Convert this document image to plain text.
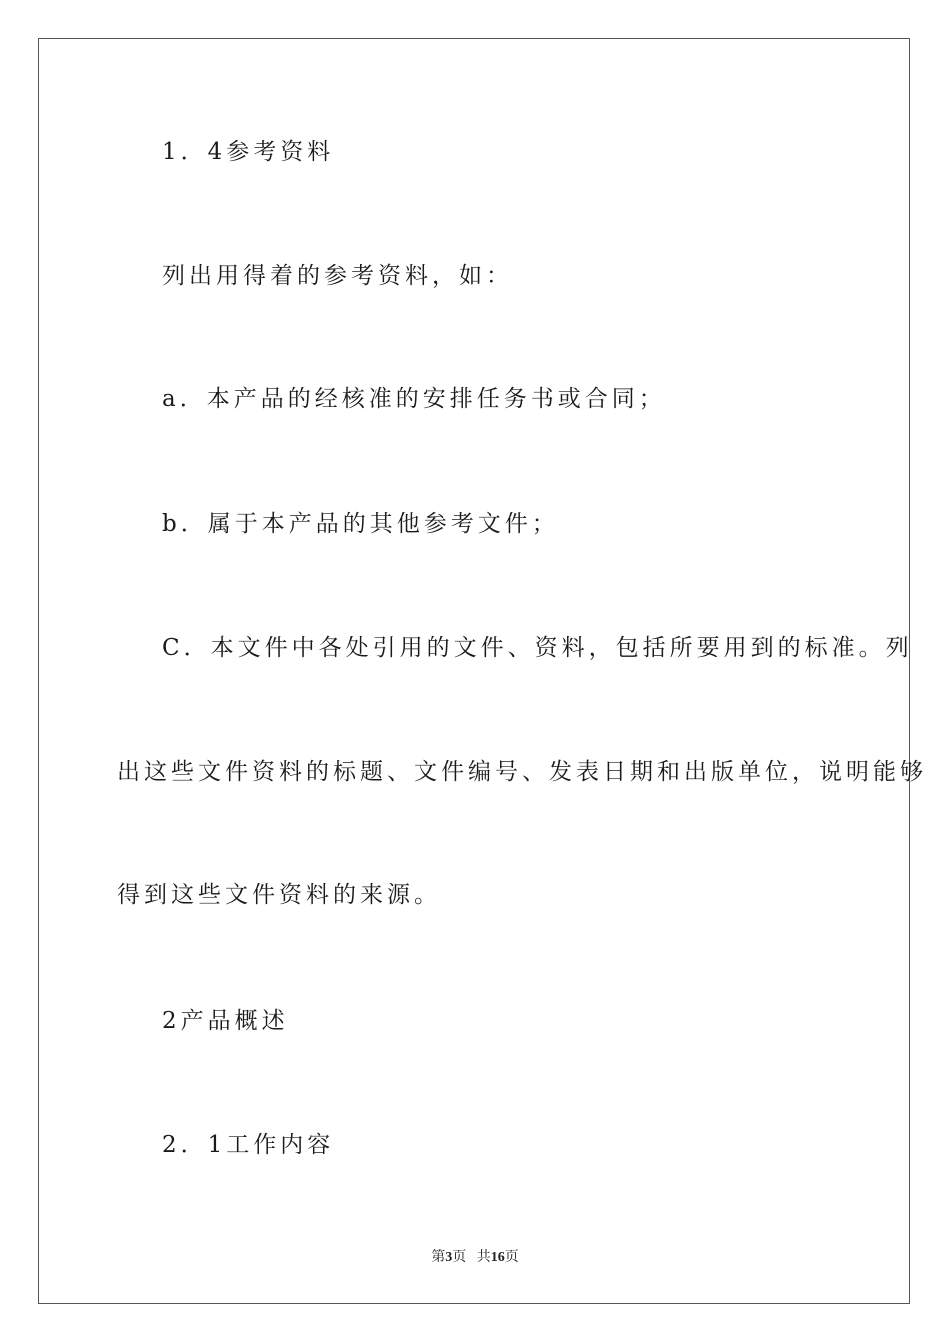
1．4参考资料
列出用得着的参考资料，如：
a．本产品的经核准的安排任务书或合同；
b．属于本产品的其他参考文件；
C．本文件中各处引用的文件、资料，包括所要用到的标准。列
出这些文件资料的标题、文件编号、发表日期和出版单位，说明能够
得到这些文件资料的来源。
2产品概述
2．1工作内容
第3页 共16页
